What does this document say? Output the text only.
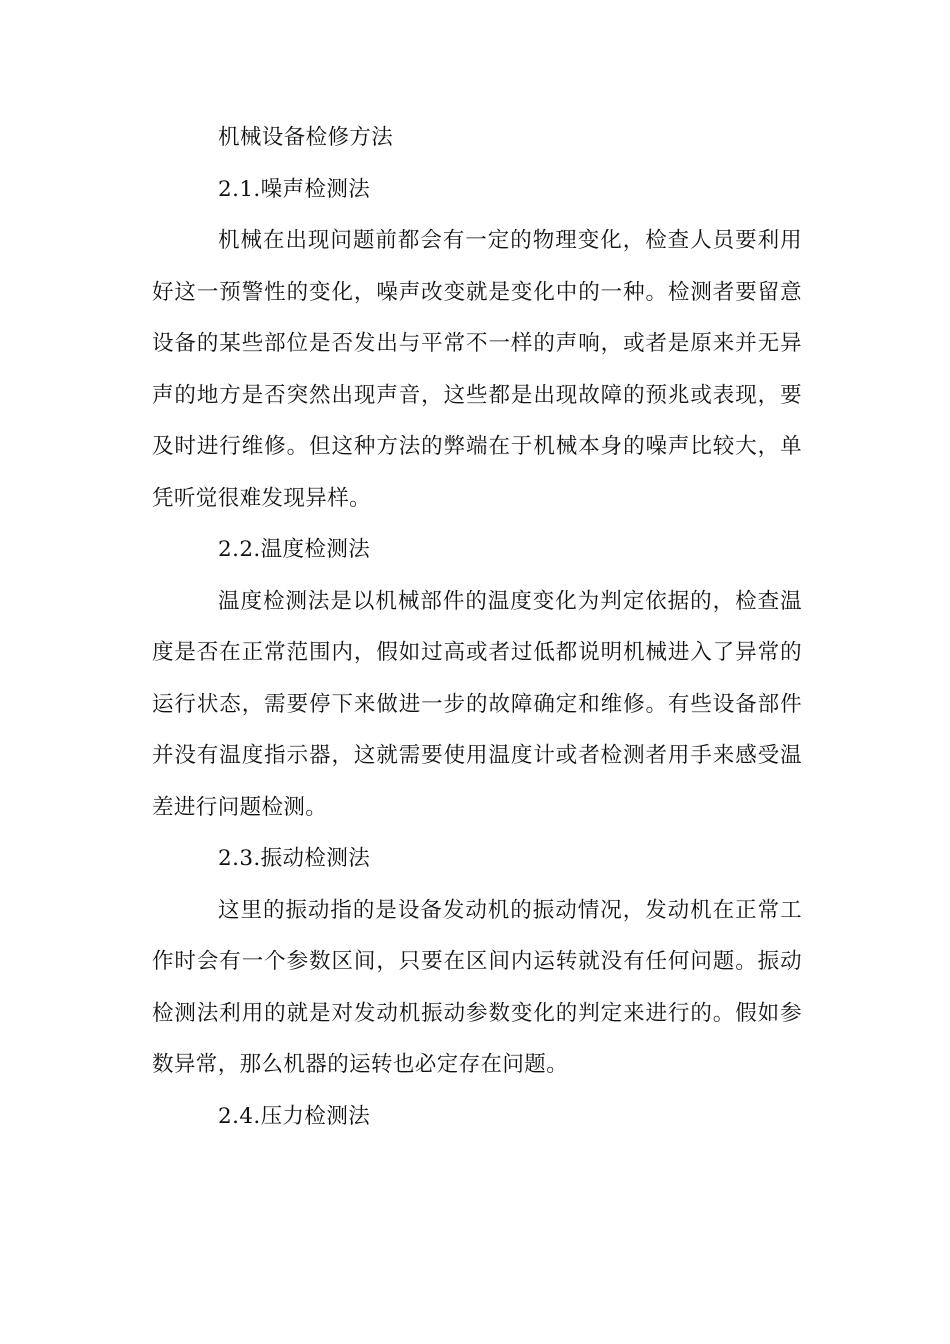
机械设备检修方法
2.1.噪声检测法
机械在出现问题前都会有一定的物理变化，检查人员要利用
好这一预警性的变化，噪声改变就是变化中的一种。检测者要留意
设备的某些部位是否发出与平常不一样的声响，或者是原来并无异
声的地方是否突然出现声音，这些都是出现故障的预兆或表现，要
及时进行维修。但这种方法的弊端在于机械本身的噪声比较大，单
凭听觉很难发现异样。
2.2.温度检测法
温度检测法是以机械部件的温度变化为判定依据的，检查温
度是否在正常范围内，假如过高或者过低都说明机械进入了异常的
运行状态，需要停下来做进一步的故障确定和维修。有些设备部件
并没有温度指示器，这就需要使用温度计或者检测者用手来感受温
差进行问题检测。
2.3.振动检测法
这里的振动指的是设备发动机的振动情况，发动机在正常工
作时会有一个参数区间，只要在区间内运转就没有任何问题。振动
检测法利用的就是对发动机振动参数变化的判定来进行的。假如参
数异常，那么机器的运转也必定存在问题。
2.4.压力检测法
